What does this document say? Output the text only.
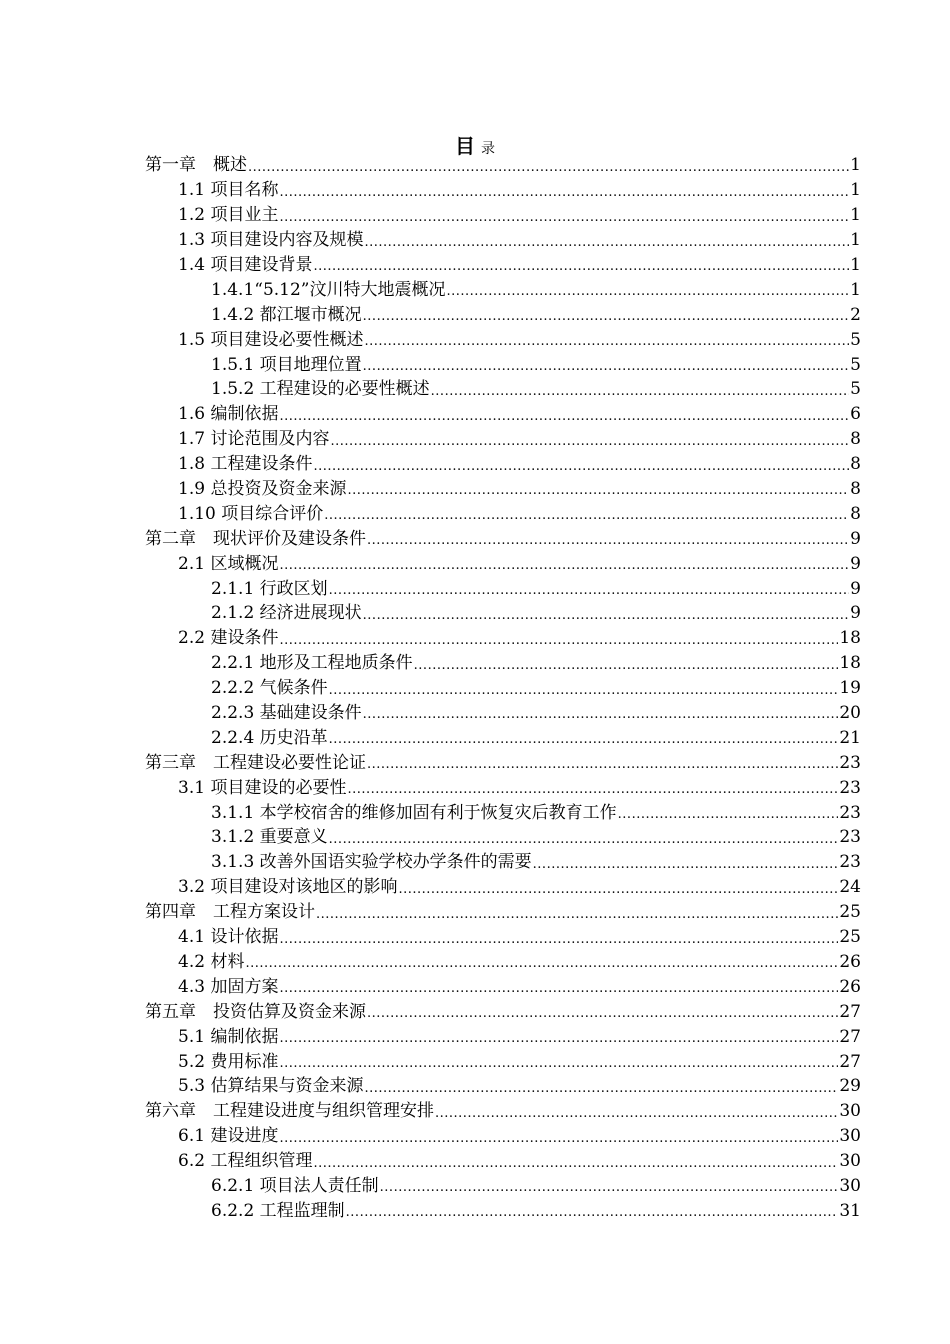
目 录
第一章　概述 .....	1
1.1 项目名称 .....	1
1.2 项目业主 .....	1
1.3 项目建设内容及规模 .....	1
1.4 项目建设背景 .....	1
1.4.1“5.12”汶川特大地震概况 .....	1
1.4.2 都江堰市概况 .....	2
1.5 项目建设必要性概述 .....	5
1.5.1 项目地理位置 .....	5
1.5.2 工程建设的必要性概述 .....	5
1.6 编制依据 .....	6
1.7 讨论范围及内容 .....	8
1.8 工程建设条件 .....	8
1.9 总投资及资金来源 .....	8
1.10 项目综合评价 .....	8
第二章　现状评价及建设条件 .....	9
2.1 区域概况 .....	9
2.1.1 行政区划 .....	9
2.1.2 经济进展现状 .....	9
2.2 建设条件 .....	18
2.2.1 地形及工程地质条件 .....	18
2.2.2 气候条件 .....	19
2.2.3 基础建设条件 .....	20
2.2.4 历史沿革 .....	21
第三章　工程建设必要性论证 .....	23
3.1 项目建设的必要性 .....	23
3.1.1 本学校宿舍的维修加固有利于恢复灾后教育工作 .....	23
3.1.2 重要意义 .....	23
3.1.3 改善外国语实验学校办学条件的需要 .....	23
3.2 项目建设对该地区的影响 .....	24
第四章　工程方案设计 .....	25
4.1 设计依据 .....	25
4.2 材料 .....	26
4.3 加固方案 .....	26
第五章　投资估算及资金来源 .....	27
5.1 编制依据 .....	27
5.2 费用标准 .....	27
5.3 估算结果与资金来源 .....	29
第六章　工程建设进度与组织管理安排 .....	30
6.1 建设进度 .....	30
6.2 工程组织管理 .....	30
6.2.1 项目法人责任制 .....	30
6.2.2 工程监理制 .....	31
